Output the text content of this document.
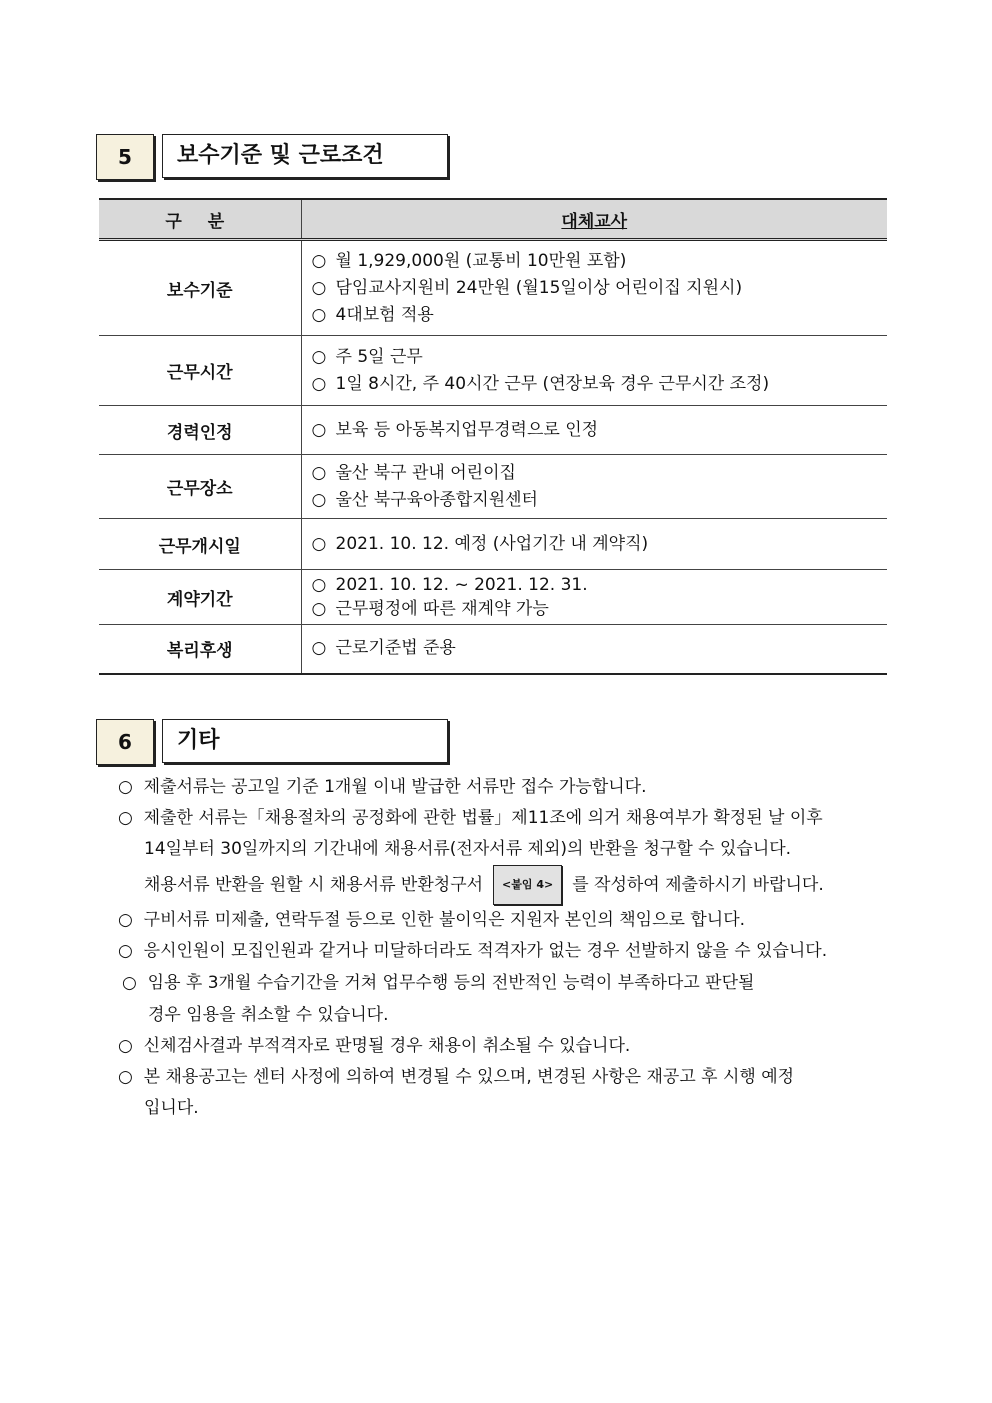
5	보수기준 및 근로조건
구 분	대체교사
보수기준	○ 월 1,929,000원 (교통비 10만원 포함)
○ 담임교사지원비 24만원 (월15일이상 어린이집 지원시)
○ 4대보험 적용

근무시간	○ 주 5일 근무
○ 1일 8시간, 주 40시간 근무 (연장보육 경우 근무시간 조정)

경력인정	○ 보육 등 아동복지업무경력으로 인정

근무장소	○ 울산 북구 관내 어린이집
○ 울산 북구육아종합지원센터

근무개시일	○ 2021. 10. 12. 예정 (사업기간 내 계약직)

계약기간	○ 2021. 10. 12. ~ 2021. 12. 31.
○ 근무평정에 따른 재계약 가능

복리후생	○ 근로기준법 준용
6	기타

○ 제출서류는 공고일 기준 1개월 이내 발급한 서류만 접수 가능합니다.

○ 제출한 서류는「채용절차의 공정화에 관한 법률」제11조에 의거 채용여부가 확정된 날 이후

14일부터 30일까지의 기간내에 채용서류(전자서류 제외)의 반환을 청구할 수 있습니다.

채용서류 반환을 원할 시 채용서류 반환청구서 <붙임 4> 를 작성하여 제출하시기 바랍니다.

○ 구비서류 미제출, 연락두절 등으로 인한 불이익은 지원자 본인의 책임으로 합니다.

○ 응시인원이 모집인원과 같거나 미달하더라도 적격자가 없는 경우 선발하지 않을 수 있습니다.

○ 임용 후 3개월 수습기간을 거쳐 업무수행 등의 전반적인 능력이 부족하다고 판단될

경우 임용을 취소할 수 있습니다.

○ 신체검사결과 부적격자로 판명될 경우 채용이 취소될 수 있습니다.

○ 본 채용공고는 센터 사정에 의하여 변경될 수 있으며, 변경된 사항은 재공고 후 시행 예정

입니다.
